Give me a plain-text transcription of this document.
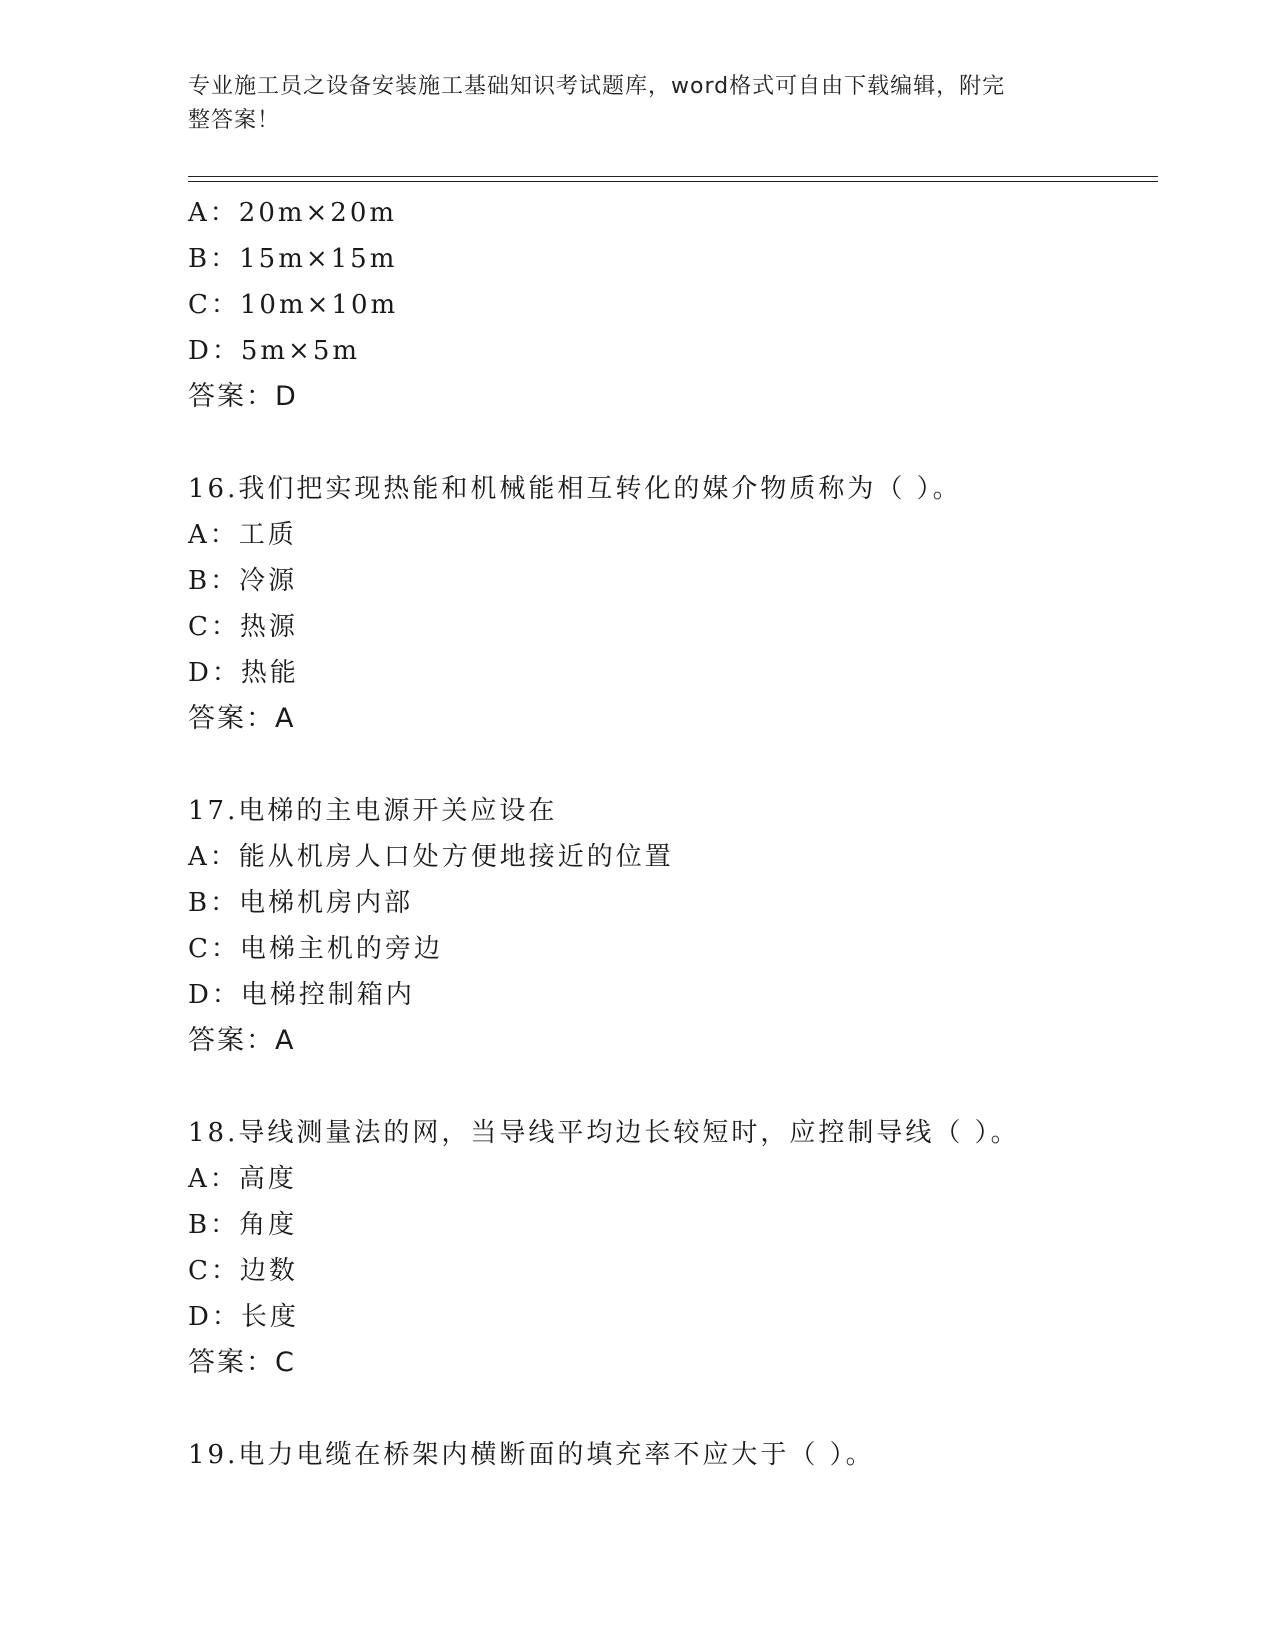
专业施工员之设备安装施工基础知识考试题库，word格式可自由下载编辑，附完
整答案！
A：20m×20m
B：15m×15m
C：10m×10m
D：5m×5m
答案：D
16.我们把实现热能和机械能相互转化的媒介物质称为（ ）。
A：工质
B：冷源
C：热源
D：热能
答案：A
17.电梯的主电源开关应设在
A：能从机房人口处方便地接近的位置
B：电梯机房内部
C：电梯主机的旁边
D：电梯控制箱内
答案：A
18.导线测量法的网，当导线平均边长较短时，应控制导线（ ）。
A：高度
B：角度
C：边数
D：长度
答案：C
19.电力电缆在桥架内横断面的填充率不应大于（ ）。
